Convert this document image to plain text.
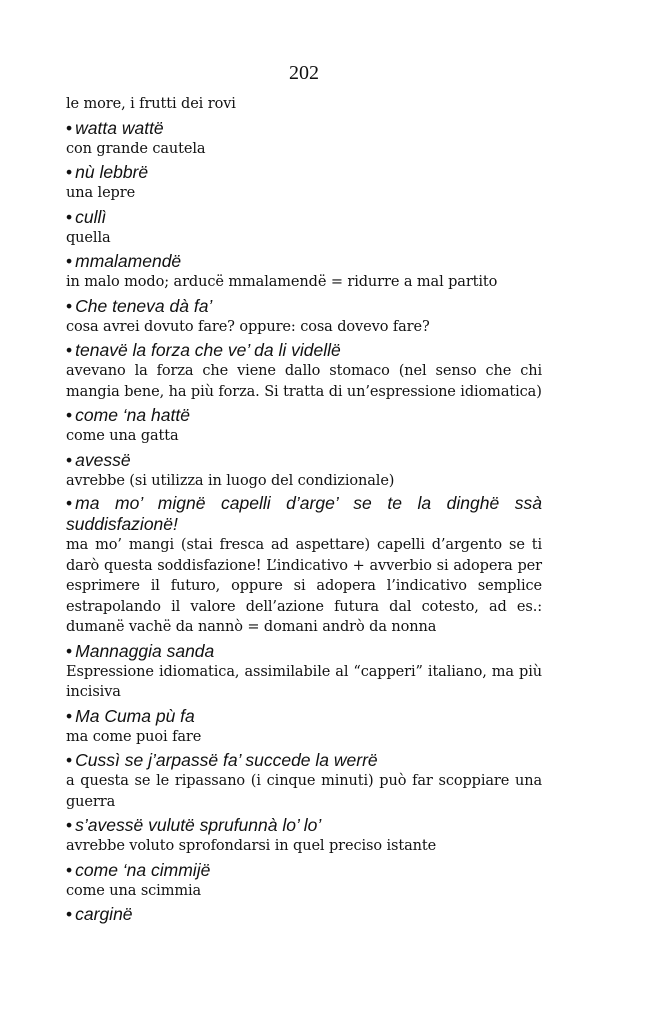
202

le more, i frutti dei rovi

• watta wattë

con grande cautela

• nù lebbrë

una lepre

• cullì

quella

• mmalamendë

in malo modo; arducë mmalamendë = ridurre a mal partito

• Che teneva dà fa’

cosa avrei dovuto fare? oppure: cosa dovevo fare?

• tenavë la forza che ve’ da li videllë

avevano la forza che viene dallo stomaco (nel senso che chi mangia bene, ha più forza. Si tratta di un’espressione idiomatica)

• come ‘na hattë

come una gatta

• avessë

avrebbe (si utilizza in luogo del condizionale)

• ma mo’ mignë capelli d’arge’ se te la dinghë ssà suddisfazionë!

ma mo’ mangi (stai fresca ad aspettare) capelli d’argento se ti darò questa soddisfazione! L’indicativo + avverbio si adopera per esprimere il futuro, oppure si adopera l’indicativo semplice estrapolando il valore dell’azione futura dal cotesto, ad es.: dumanë vachë da nannò = domani andrò da nonna

• Mannaggia sanda

Espressione idiomatica, assimilabile al “capperi” italiano, ma più incisiva

• Ma Cuma pù fa

ma come puoi fare

• Cussì se j’arpassë fa’ succede la werrë

a questa se le ripassano (i cinque minuti) può far scoppiare una guerra

• s’avessë vulutë sprufunnà lo’ lo’

avrebbe voluto sprofondarsi in quel preciso istante

• come ‘na cimmijë

come una scimmia

• carginë
